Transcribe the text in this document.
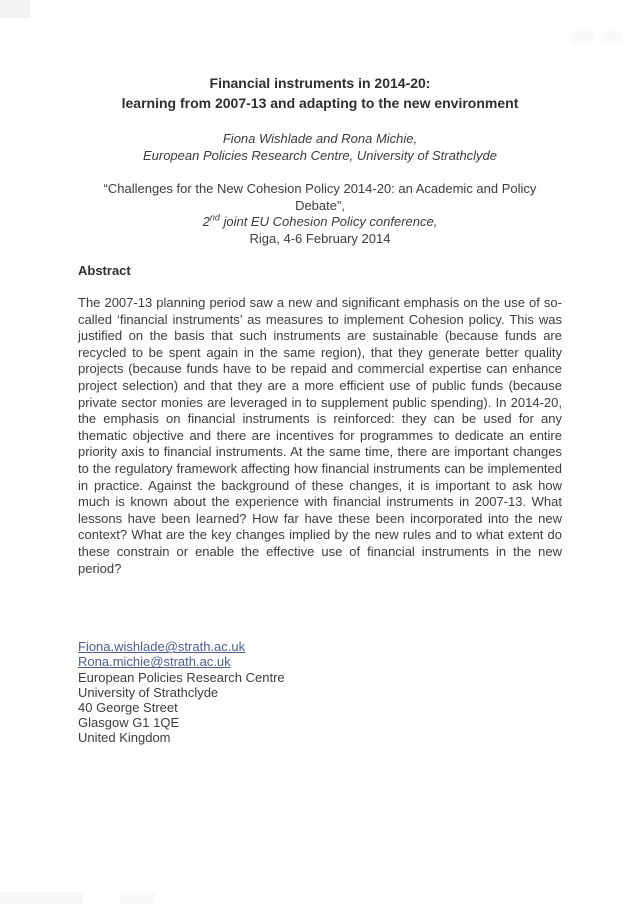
Financial instruments in 2014-20:
learning from 2007-13 and adapting to the new environment
Fiona Wishlade and Rona Michie,
European Policies Research Centre, University of Strathclyde
“Challenges for the New Cohesion Policy 2014-20: an Academic and Policy Debate”,
2nd joint EU Cohesion Policy conference,
Riga, 4-6 February 2014
Abstract

The 2007-13 planning period saw a new and significant emphasis on the use of so-called ‘financial instruments’ as measures to implement Cohesion policy. This was justified on the basis that such instruments are sustainable (because funds are recycled to be spent again in the same region), that they generate better quality projects (because funds have to be repaid and commercial expertise can enhance project selection) and that they are a more efficient use of public funds (because private sector monies are leveraged in to supplement public spending). In 2014-20, the emphasis on financial instruments is reinforced: they can be used for any thematic objective and there are incentives for programmes to dedicate an entire priority axis to financial instruments. At the same time, there are important changes to the regulatory framework affecting how financial instruments can be implemented in practice. Against the background of these changes, it is important to ask how much is known about the experience with financial instruments in 2007-13. What lessons have been learned? How far have these been incorporated into the new context? What are the key changes implied by the new rules and to what extent do these constrain or enable the effective use of financial instruments in the new period?

Fiona.wishlade@strath.ac.uk
Rona.michie@strath.ac.uk
European Policies Research Centre
University of Strathclyde
40 George Street
Glasgow G1 1QE
United Kingdom
